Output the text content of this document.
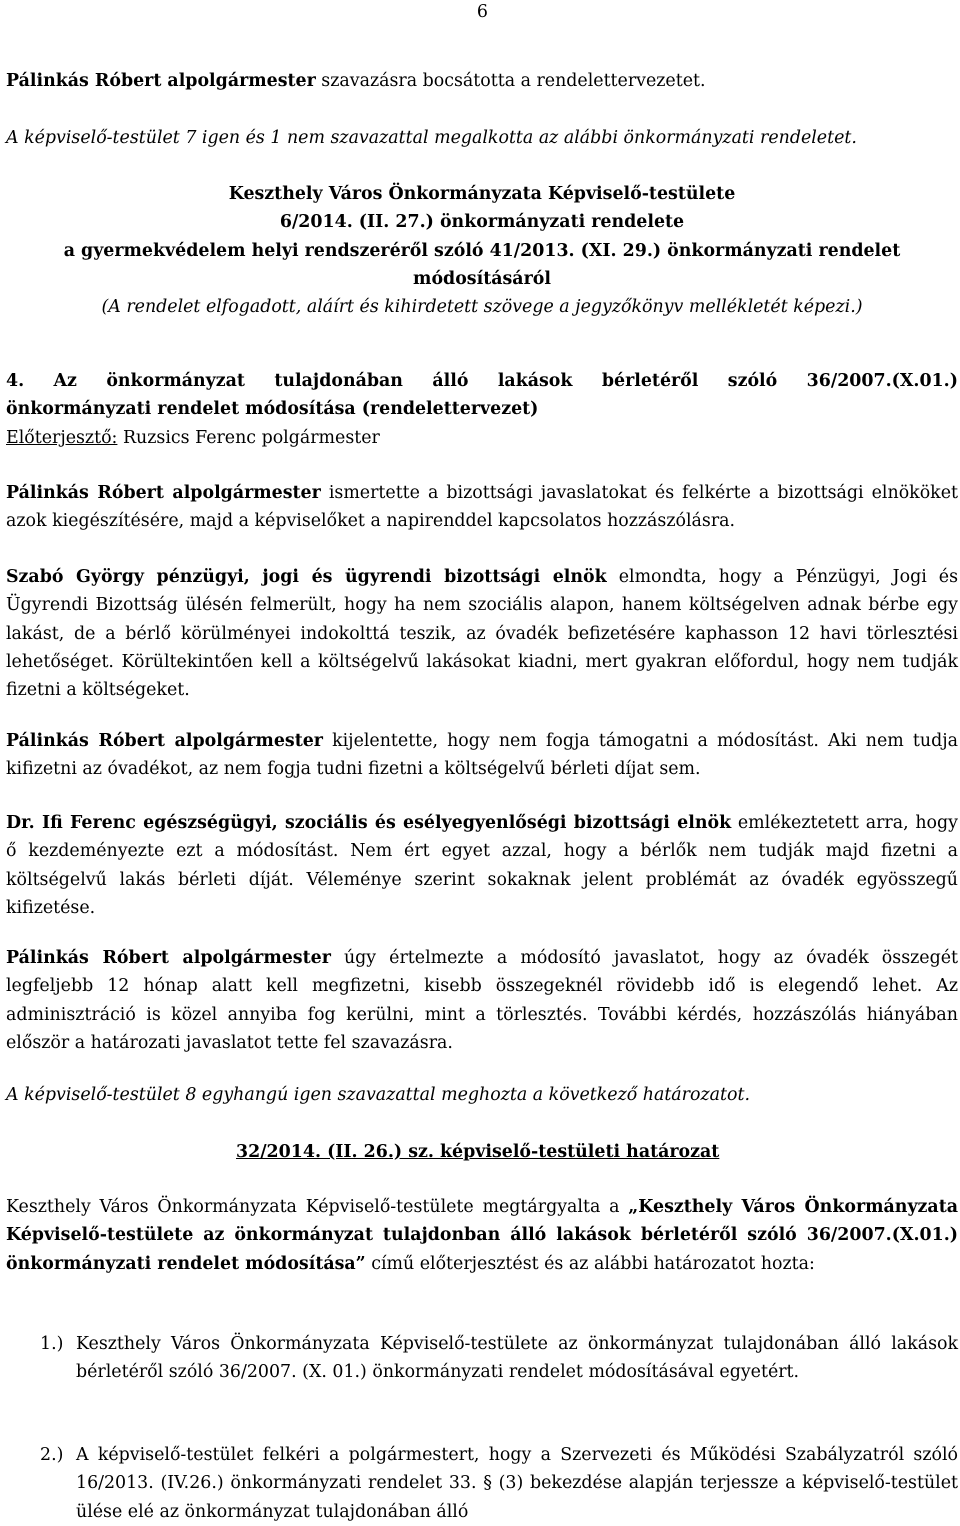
6

Pálinkás Róbert alpolgármester szavazásra bocsátotta a rendelettervezetet.

A képviselő-testület 7 igen és 1 nem szavazattal megalkotta az alábbi önkormányzati rendeletet.

Keszthely Város Önkormányzata Képviselő-testülete

6/2014. (II. 27.) önkormányzati rendelete

a gyermekvédelem helyi rendszeréről szóló 41/2013. (XI. 29.) önkormányzati rendelet

módosításáról

(A rendelet elfogadott, aláírt és kihirdetett szövege a jegyzőkönyv mellékletét képezi.)

4. Az önkormányzat tulajdonában álló lakások bérletéről szóló 36/2007.(X.01.)

önkormányzati rendelet módosítása (rendelettervezet)

Előterjesztő: Ruzsics Ferenc polgármester

Pálinkás Róbert alpolgármester ismertette a bizottsági javaslatokat és felkérte a bizottsági elnököket azok kiegészítésére, majd a képviselőket a napirenddel kapcsolatos hozzászólásra.

Szabó György pénzügyi, jogi és ügyrendi bizottsági elnök elmondta, hogy a Pénzügyi, Jogi és Ügyrendi Bizottság ülésén felmerült, hogy ha nem szociális alapon, hanem költségelven adnak bérbe egy lakást, de a bérlő körülményei indokolttá teszik, az óvadék befizetésére kaphasson 12 havi törlesztési lehetőséget. Körültekintően kell a költségelvű lakásokat kiadni, mert gyakran előfordul, hogy nem tudják fizetni a költségeket.

Pálinkás Róbert alpolgármester kijelentette, hogy nem fogja támogatni a módosítást. Aki nem tudja kifizetni az óvadékot, az nem fogja tudni fizetni a költségelvű bérleti díjat sem.

Dr. Ifi Ferenc egészségügyi, szociális és esélyegyenlőségi bizottsági elnök emlékeztetett arra, hogy ő kezdeményezte ezt a módosítást. Nem ért egyet azzal, hogy a bérlők nem tudják majd fizetni a költségelvű lakás bérleti díját. Véleménye szerint sokaknak jelent problémát az óvadék egyösszegű kifizetése.

Pálinkás Róbert alpolgármester úgy értelmezte a módosító javaslatot, hogy az óvadék összegét legfeljebb 12 hónap alatt kell megfizetni, kisebb összegeknél rövidebb idő is elegendő lehet. Az adminisztráció is közel annyiba fog kerülni, mint a törlesztés. További kérdés, hozzászólás hiányában először a határozati javaslatot tette fel szavazásra.

A képviselő-testület 8 egyhangú igen szavazattal meghozta a következő határozatot.

32/2014. (II. 26.) sz. képviselő-testületi határozat

Keszthely Város Önkormányzata Képviselő-testülete megtárgyalta a „Keszthely Város Önkormányzata Képviselő-testülete az önkormányzat tulajdonban álló lakások bérletéről szóló 36/2007.(X.01.) önkormányzati rendelet módosítása” című előterjesztést és az alábbi határozatot hozta:

1.) Keszthely Város Önkormányzata Képviselő-testülete az önkormányzat tulajdonában álló lakások bérletéről szóló 36/2007. (X. 01.) önkormányzati rendelet módosításával egyetért.

2.) A képviselő-testület felkéri a polgármestert, hogy a Szervezeti és Működési Szabályzatról szóló 16/2013. (IV.26.) önkormányzati rendelet 33. § (3) bekezdése alapján terjessze a képviselő-testület ülése elé az önkormányzat tulajdonában álló
